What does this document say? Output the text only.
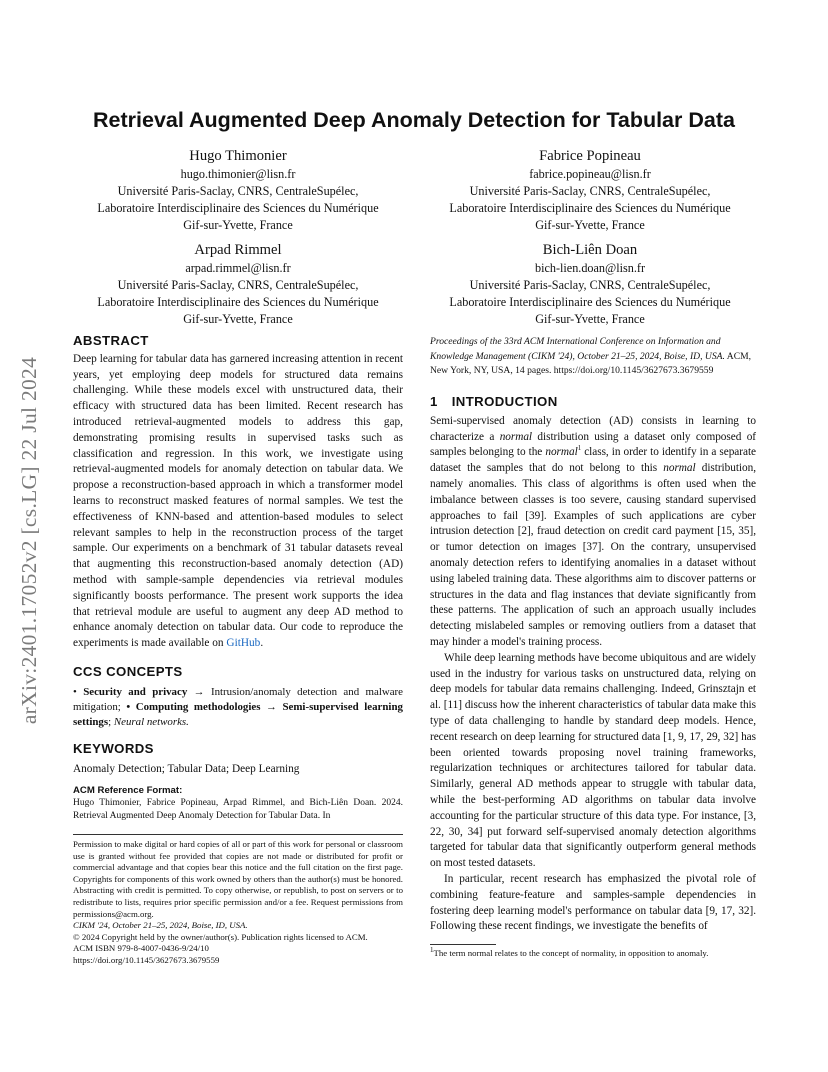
arXiv:2401.17052v2 [cs.LG] 22 Jul 2024
Retrieval Augmented Deep Anomaly Detection for Tabular Data
Hugo Thimonier
hugo.thimonier@lisn.fr
Université Paris-Saclay, CNRS, CentraleSupélec,
Laboratoire Interdisciplinaire des Sciences du Numérique
Gif-sur-Yvette, France
Fabrice Popineau
fabrice.popineau@lisn.fr
Université Paris-Saclay, CNRS, CentraleSupélec,
Laboratoire Interdisciplinaire des Sciences du Numérique
Gif-sur-Yvette, France
Arpad Rimmel
arpad.rimmel@lisn.fr
Université Paris-Saclay, CNRS, CentraleSupélec,
Laboratoire Interdisciplinaire des Sciences du Numérique
Gif-sur-Yvette, France
Bich-Liên Doan
bich-lien.doan@lisn.fr
Université Paris-Saclay, CNRS, CentraleSupélec,
Laboratoire Interdisciplinaire des Sciences du Numérique
Gif-sur-Yvette, France
ABSTRACT

Deep learning for tabular data has garnered increasing attention in recent years, yet employing deep models for structured data remains challenging. While these models excel with unstructured data, their efficacy with structured data has been limited. Recent research has introduced retrieval-augmented models to address this gap, demonstrating promising results in supervised tasks such as classification and regression. In this work, we investigate using retrieval-augmented models for anomaly detection on tabular data. We propose a reconstruction-based approach in which a transformer model learns to reconstruct masked features of normal samples. We test the effectiveness of KNN-based and attention-based modules to select relevant samples to help in the reconstruction process of the target sample. Our experiments on a benchmark of 31 tabular datasets reveal that augmenting this reconstruction-based anomaly detection (AD) method with sample-sample dependencies via retrieval modules significantly boosts performance. The present work supports the idea that retrieval module are useful to augment any deep AD method to enhance anomaly detection on tabular data. Our code to reproduce the experiments is made available on GitHub.

CCS CONCEPTS

• Security and privacy → Intrusion/anomaly detection and malware mitigation; • Computing methodologies → Semi-supervised learning settings; Neural networks.

KEYWORDS

Anomaly Detection; Tabular Data; Deep Learning

ACM Reference Format:

Hugo Thimonier, Fabrice Popineau, Arpad Rimmel, and Bich-Liên Doan. 2024. Retrieval Augmented Deep Anomaly Detection for Tabular Data. In

Permission to make digital or hard copies of all or part of this work for personal or classroom use is granted without fee provided that copies are not made or distributed for profit or commercial advantage and that copies bear this notice and the full citation on the first page. Copyrights for components of this work owned by others than the author(s) must be honored. Abstracting with credit is permitted. To copy otherwise, or republish, to post on servers or to redistribute to lists, requires prior specific permission and/or a fee. Request permissions from permissions@acm.org.

CIKM '24, October 21–25, 2024, Boise, ID, USA.
© 2024 Copyright held by the owner/author(s). Publication rights licensed to ACM.
ACM ISBN 979-8-4007-0436-9/24/10
https://doi.org/10.1145/3627673.3679559
Proceedings of the 33rd ACM International Conference on Information and Knowledge Management (CIKM '24), October 21–25, 2024, Boise, ID, USA. ACM, New York, NY, USA, 14 pages. https://doi.org/10.1145/3627673.3679559
1 INTRODUCTION

Semi-supervised anomaly detection (AD) consists in learning to characterize a normal distribution using a dataset only composed of samples belonging to the normal$^1$ class, in order to identify in a separate dataset the samples that do not belong to this normal distribution, namely anomalies. This class of algorithms is often used when the imbalance between classes is too severe, causing standard supervised approaches to fail [39]. Examples of such applications are cyber intrusion detection [2], fraud detection on credit card payment [15, 35], or tumor detection on images [37]. On the contrary, unsupervised anomaly detection refers to identifying anomalies in a dataset without using labeled training data. These algorithms aim to discover patterns or structures in the data and flag instances that deviate significantly from these patterns. The application of such an approach usually includes detecting mislabeled samples or removing outliers from a dataset that may hinder a model's training process.

While deep learning methods have become ubiquitous and are widely used in the industry for various tasks on unstructured data, relying on deep models for tabular data remains challenging. Indeed, Grinsztajn et al. [11] discuss how the inherent characteristics of tabular data make this type of data challenging to handle by standard deep models. Hence, recent research on deep learning for structured data [1, 9, 17, 29, 32] has been oriented towards proposing novel training frameworks, regularization techniques or architectures tailored for tabular data. Similarly, general AD methods appear to struggle with tabular data, while the best-performing AD algorithms on tabular data involve accounting for the particular structure of this data type. For instance, [3, 22, 30, 34] put forward self-supervised anomaly detection algorithms targeted for tabular data that significantly outperform general methods on most tested datasets.

In particular, recent research has emphasized the pivotal role of combining feature-feature and samples-sample dependencies in fostering deep learning model's performance on tabular data [9, 17, 32]. Following these recent findings, we investigate the benefits of

$^1$The term normal relates to the concept of normality, in opposition to anomaly.
